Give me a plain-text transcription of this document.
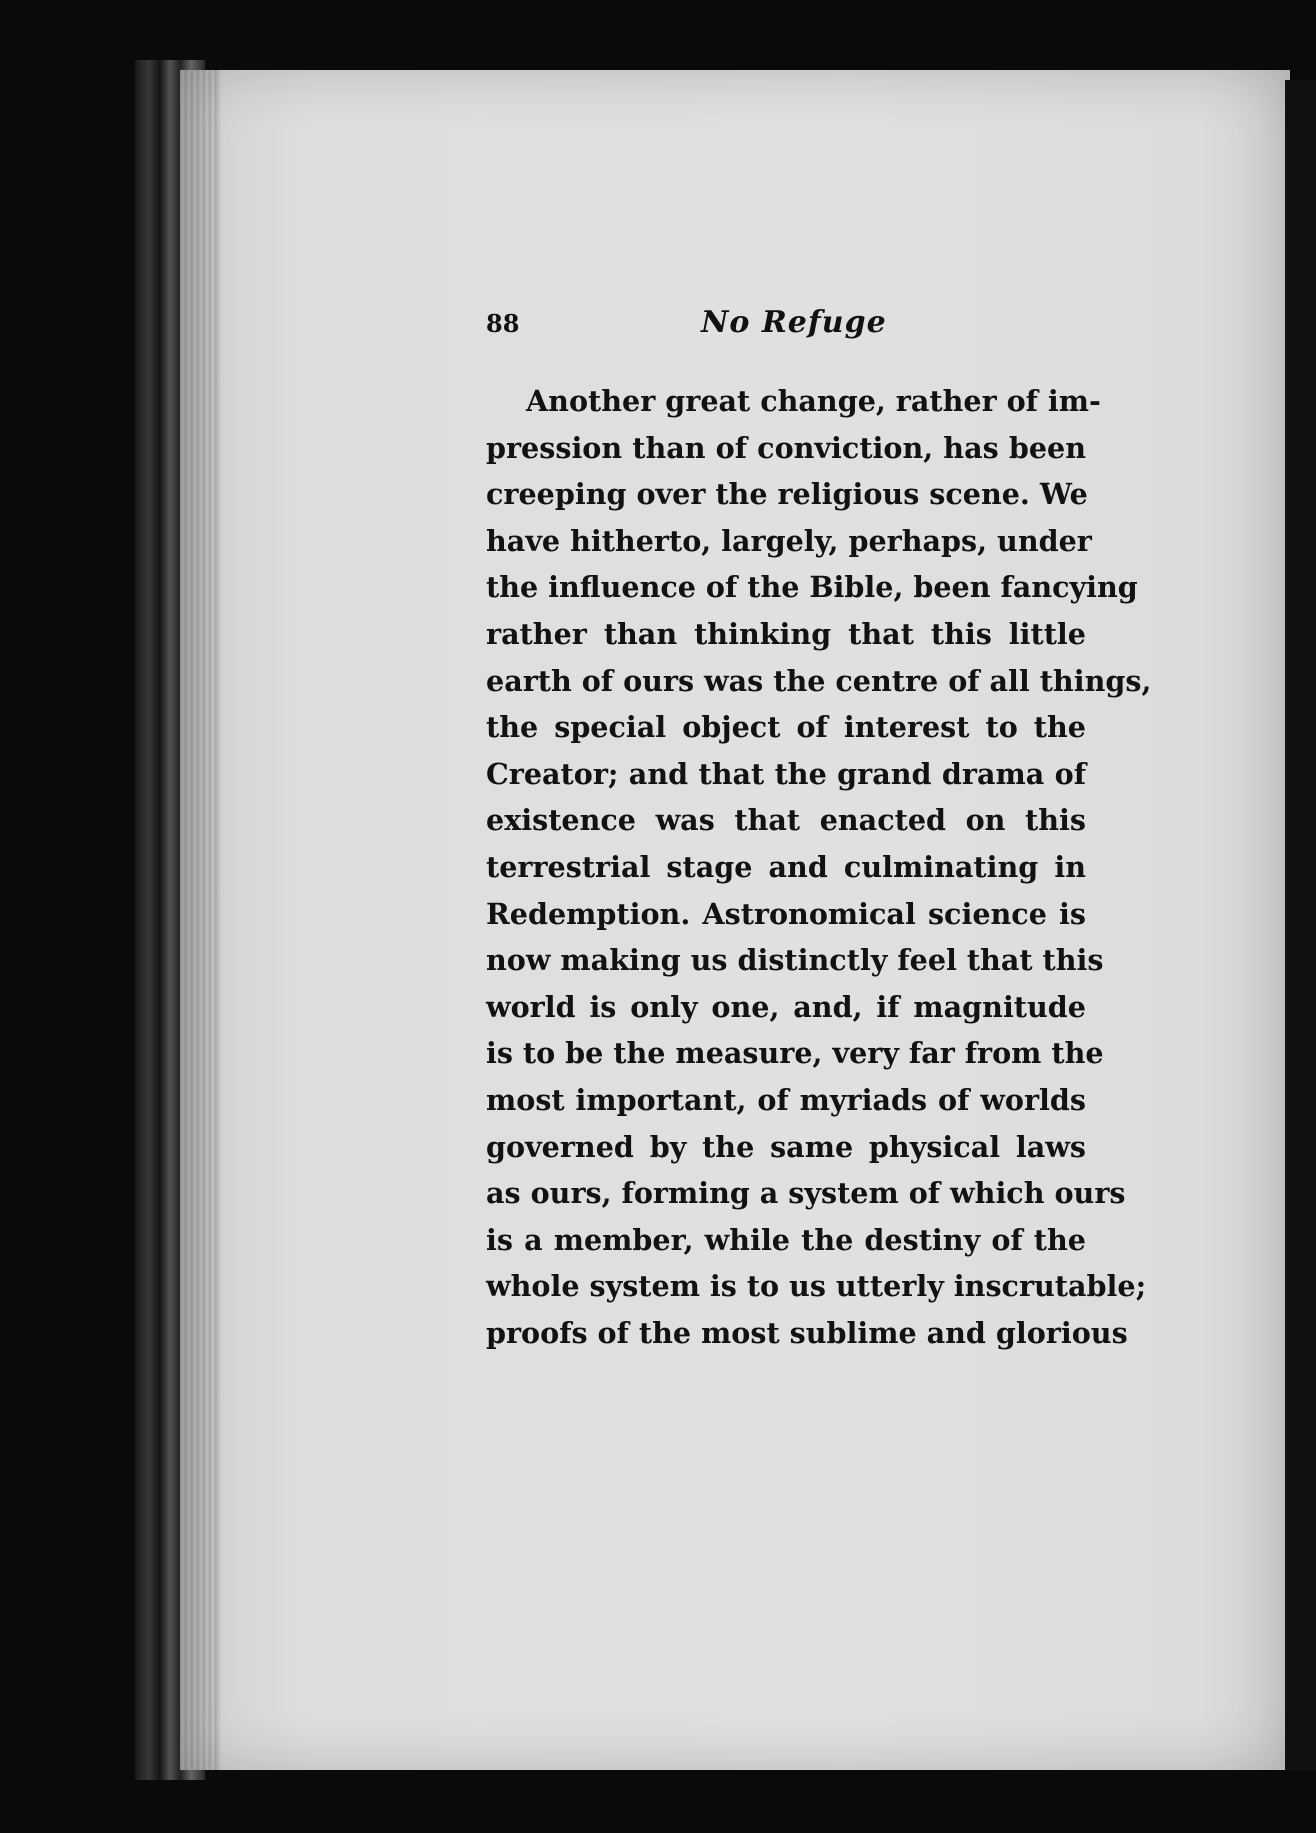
88	No Refuge
Another great change, rather of im-
pression than of conviction, has been
creeping over the religious scene. We
have hitherto, largely, perhaps, under
the influence of the Bible, been fancying
rather than thinking that this little
earth of ours was the centre of all things,
the special object of interest to the
Creator; and that the grand drama of
existence was that enacted on this
terrestrial stage and culminating in
Redemption. Astronomical science is
now making us distinctly feel that this
world is only one, and, if magnitude
is to be the measure, very far from the
most important, of myriads of worlds
governed by the same physical laws
as ours, forming a system of which ours
is a member, while the destiny of the
whole system is to us utterly inscrutable;
proofs of the most sublime and glorious
